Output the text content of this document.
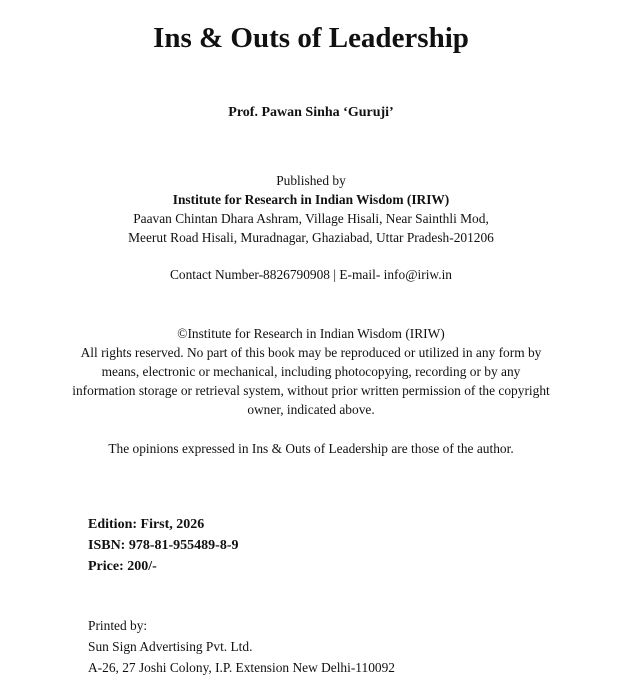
Ins & Outs of Leadership
Prof. Pawan Sinha ‘Guruji’
Published by
Institute for Research in Indian Wisdom (IRIW)
Paavan Chintan Dhara Ashram, Village Hisali, Near Sainthli Mod,
Meerut Road Hisali, Muradnagar, Ghaziabad, Uttar Pradesh-201206
Contact Number-8826790908 | E-mail- info@iriw.in
©Institute for Research in Indian Wisdom (IRIW)
All rights reserved. No part of this book may be reproduced or utilized in any form by
means, electronic or mechanical, including photocopying, recording or by any
information storage or retrieval system, without prior written permission of the copyright
owner, indicated above.
The opinions expressed in Ins & Outs of Leadership are those of the author.
Edition: First, 2026
ISBN: 978-81-955489-8-9
Price: 200/-
Printed by:
Sun Sign Advertising Pvt. Ltd.
A-26, 27 Joshi Colony, I.P. Extension New Delhi-110092
